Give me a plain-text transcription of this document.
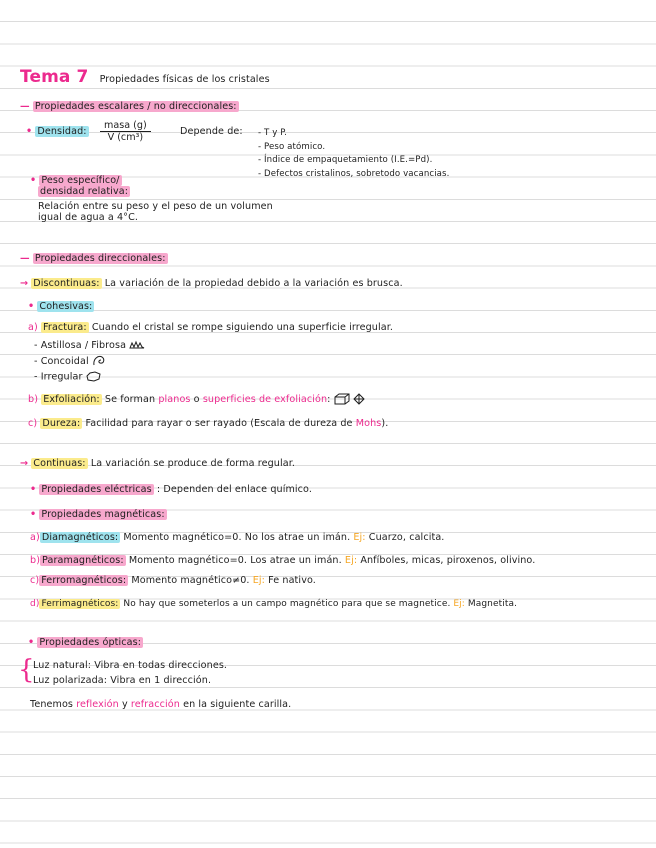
Tema 7 Propiedades físicas de los cristales
— Propiedades escalares / no direccionales:
• Densidad:
masa (g)
V (cm³)
Depende de: - T y P.
- Peso atómico.
- Índice de empaquetamiento (I.E.=Pd).
- Defectos cristalinos, sobretodo vacancias.
• Peso específico/
densidad relativa:
Relación entre su peso y el peso de un volumen
igual de agua a 4°C.
— Propiedades direccionales:
→ Discontinuas: La variación de la propiedad debido a la variación es brusca.
• Cohesivas:
a) Fractura: Cuando el cristal se rompe siguiendo una superficie irregular.
- Astillosa / Fibrosa
- Concoidal
- Irregular
b) Exfoliación: Se forman planos o superficies de exfoliación:
c) Dureza: Facilidad para rayar o ser rayado (Escala de dureza de Mohs).
→ Continuas: La variación se produce de forma regular.
• Propiedades eléctricas : Dependen del enlace químico.
• Propiedades magnéticas:
a) Diamagnéticos: Momento magnético=0. No los atrae un imán. Ej: Cuarzo, calcita.
b) Paramagnéticos: Momento magnético=0. Los atrae un imán. Ej: Anfíboles, micas, piroxenos, olivino.
c) Ferromagnéticos: Momento magnético≠0. Ej: Fe nativo.
d) Ferrimagnéticos: No hay que someterlos a un campo magnético para que se magnetice. Ej: Magnetita.
• Propiedades ópticas:
{
Luz natural: Vibra en todas direcciones.
Luz polarizada: Vibra en 1 dirección.
Tenemos reflexión y refracción en la siguiente carilla.
